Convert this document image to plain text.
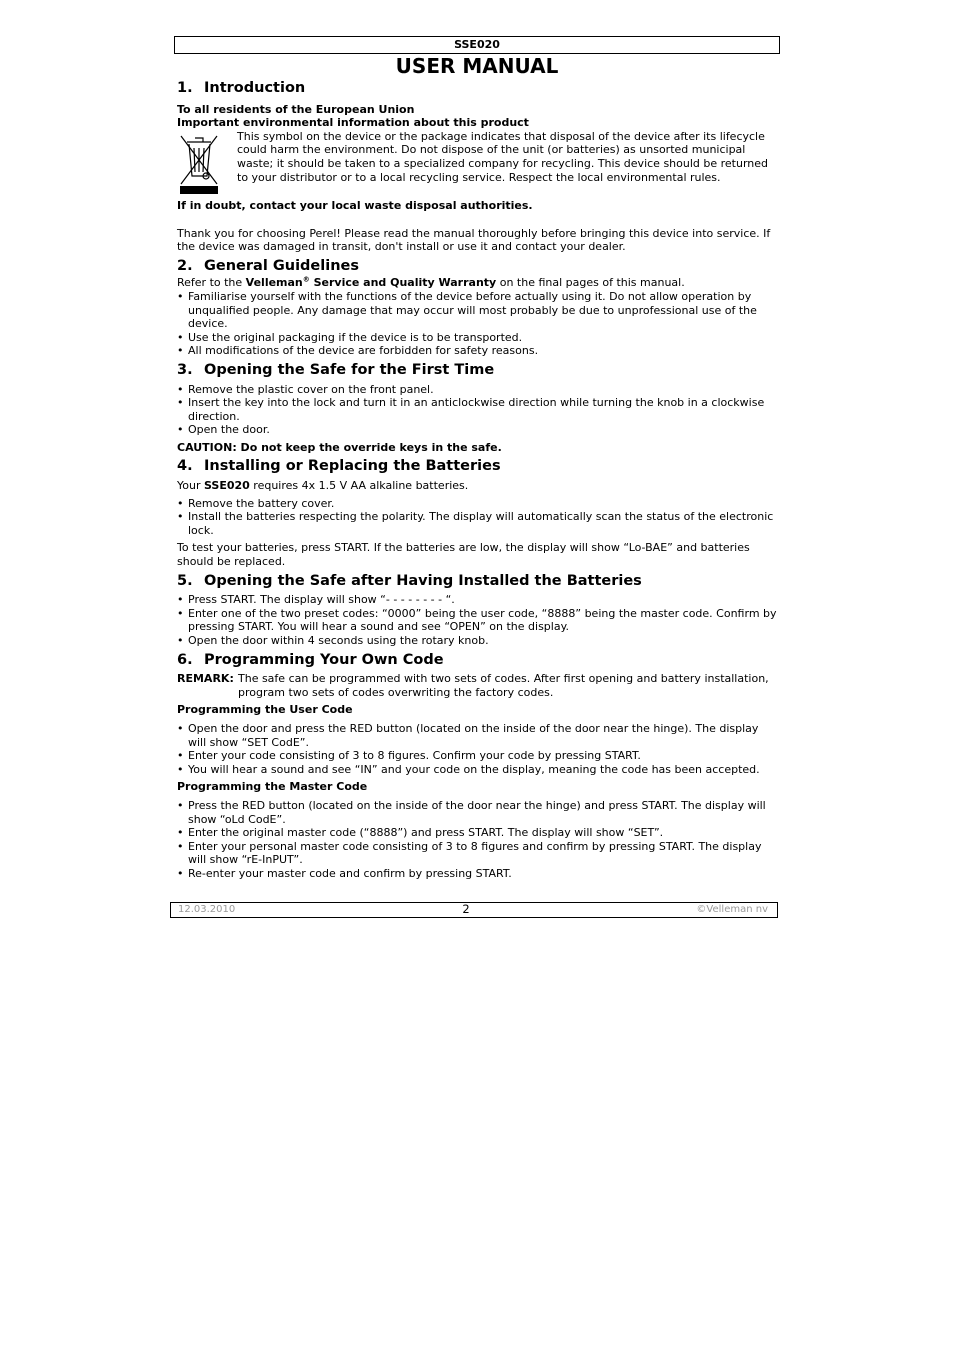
SSE020
USER MANUAL
1. Introduction

To all residents of the European Union

Important environmental information about this product

This symbol on the device or the package indicates that disposal of the device after its lifecycle could harm the environment. Do not dispose of the unit (or batteries) as unsorted municipal waste; it should be taken to a specialized company for recycling. This device should be returned to your distributor or to a local recycling service. Respect the local environmental rules.

If in doubt, contact your local waste disposal authorities.

Thank you for choosing Perel! Please read the manual thoroughly before bringing this device into service. If the device was damaged in transit, don't install or use it and contact your dealer.

2. General Guidelines

Refer to the Velleman® Service and Quality Warranty on the final pages of this manual.

• Familiarise yourself with the functions of the device before actually using it. Do not allow operation by unqualified people. Any damage that may occur will most probably be due to unprofessional use of the device.
• Use the original packaging if the device is to be transported.
• All modifications of the device are forbidden for safety reasons.
3. Opening the Safe for the First Time
• Remove the plastic cover on the front panel.
• Insert the key into the lock and turn it in an anticlockwise direction while turning the knob in a clockwise direction.
• Open the door.

CAUTION: Do not keep the override keys in the safe.

4. Installing or Replacing the Batteries

Your SSE020 requires 4x 1.5 V AA alkaline batteries.

• Remove the battery cover.
• Install the batteries respecting the polarity. The display will automatically scan the status of the electronic lock.

To test your batteries, press START. If the batteries are low, the display will show “Lo-BAE” and batteries should be replaced.

5. Opening the Safe after Having Installed the Batteries
• Press START. The display will show “- - - - - - - - “.
• Enter one of the two preset codes: “0000” being the user code, “8888” being the master code. Confirm by pressing START. You will hear a sound and see “OPEN” on the display.
• Open the door within 4 seconds using the rotary knob.
6. Programming Your Own Code
REMARK: The safe can be programmed with two sets of codes. After first opening and battery installation, program two sets of codes overwriting the factory codes.

Programming the User Code

• Open the door and press the RED button (located on the inside of the door near the hinge). The display will show “SET CodE”.
• Enter your code consisting of 3 to 8 figures. Confirm your code by pressing START.
• You will hear a sound and see “IN” and your code on the display, meaning the code has been accepted.

Programming the Master Code

• Press the RED button (located on the inside of the door near the hinge) and press START. The display will show “oLd CodE”.
• Enter the original master code (“8888”) and press START. The display will show “SET”.
• Enter your personal master code consisting of 3 to 8 figures and confirm by pressing START. The display will show “rE-InPUT”.
• Re-enter your master code and confirm by pressing START.
12.03.2010	2	©Velleman nv
